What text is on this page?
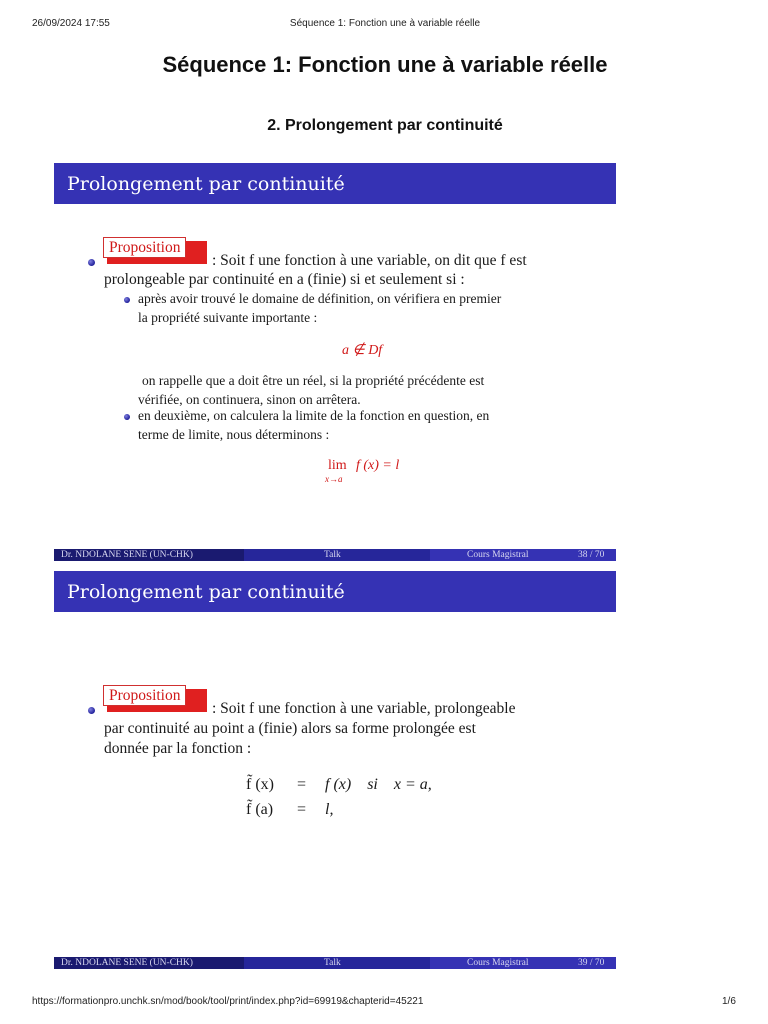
26/09/2024 17:55	Séquence 1: Fonction une à variable réelle
Séquence 1: Fonction une à variable réelle
2. Prolongement par continuité
Prolongement par continuité
Proposition
: Soit f une fonction à une variable, on dit que f est
prolongeable par continuité en a (finie) si et seulement si :
après avoir trouvé le domaine de définition, on vérifiera en premier
la propriété suivante importante :
a ∉ Df
on rappelle que a doit être un réel, si la propriété précédente est
vérifiée, on continuera, sinon on arrêtera.
en deuxième, on calculera la limite de la fonction en question, en
terme de limite, nous déterminons :
lim
x→a
f (x) = l
Dr. NDOLANE SENE (UN-CHK)	Talk	Cours Magistral	38 / 70
Prolongement par continuité
Proposition
: Soit f une fonction à une variable, prolongeable
par continuité au point a (finie) alors sa forme prolongée est
donnée par la fonction :
f̃ (x) = f (x)    si    x = a,
f̃ (a) = l,
Dr. NDOLANE SENE (UN-CHK)	Talk	Cours Magistral	39 / 70
https://formationpro.unchk.sn/mod/book/tool/print/index.php?id=69919&chapterid=45221	1/6
